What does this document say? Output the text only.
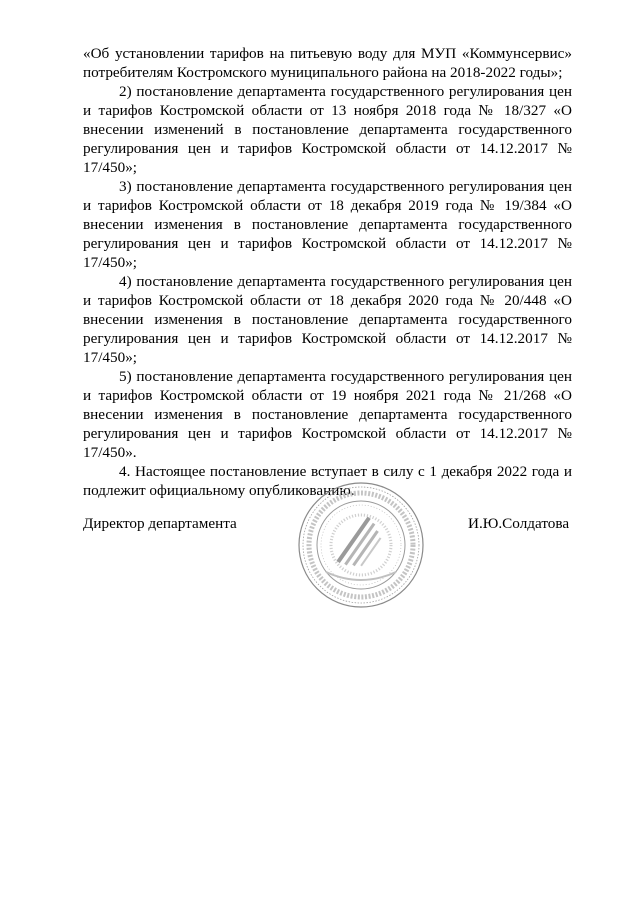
«Об установлении тарифов на питьевую воду для МУП «Коммунсервис» потребителям Костромского муниципального района на 2018-2022 годы»;

2) постановление департамента государственного регулирования цен и тарифов Костромской области от 13 ноября 2018 года № 18/327 «О внесении изменений в постановление департамента государственного регулирования цен и тарифов Костромской области от 14.12.2017 № 17/450»;

3) постановление департамента государственного регулирования цен и тарифов Костромской области от 18 декабря 2019 года № 19/384 «О внесении изменения в постановление департамента государственного регулирования цен и тарифов Костромской области от 14.12.2017 № 17/450»;

4) постановление департамента государственного регулирования цен и тарифов Костромской области от 18 декабря 2020 года № 20/448 «О внесении изменения в постановление департамента государственного регулирования цен и тарифов Костромской области от 14.12.2017 № 17/450»;

5) постановление департамента государственного регулирования цен и тарифов Костромской области от 19 ноября 2021 года № 21/268 «О внесении изменения в постановление департамента государственного регулирования цен и тарифов Костромской области от 14.12.2017 № 17/450».

4. Настоящее постановление вступает в силу с 1 декабря 2022 года и подлежит официальному опубликованию.

Директор департамента	И.Ю.Солдатова
